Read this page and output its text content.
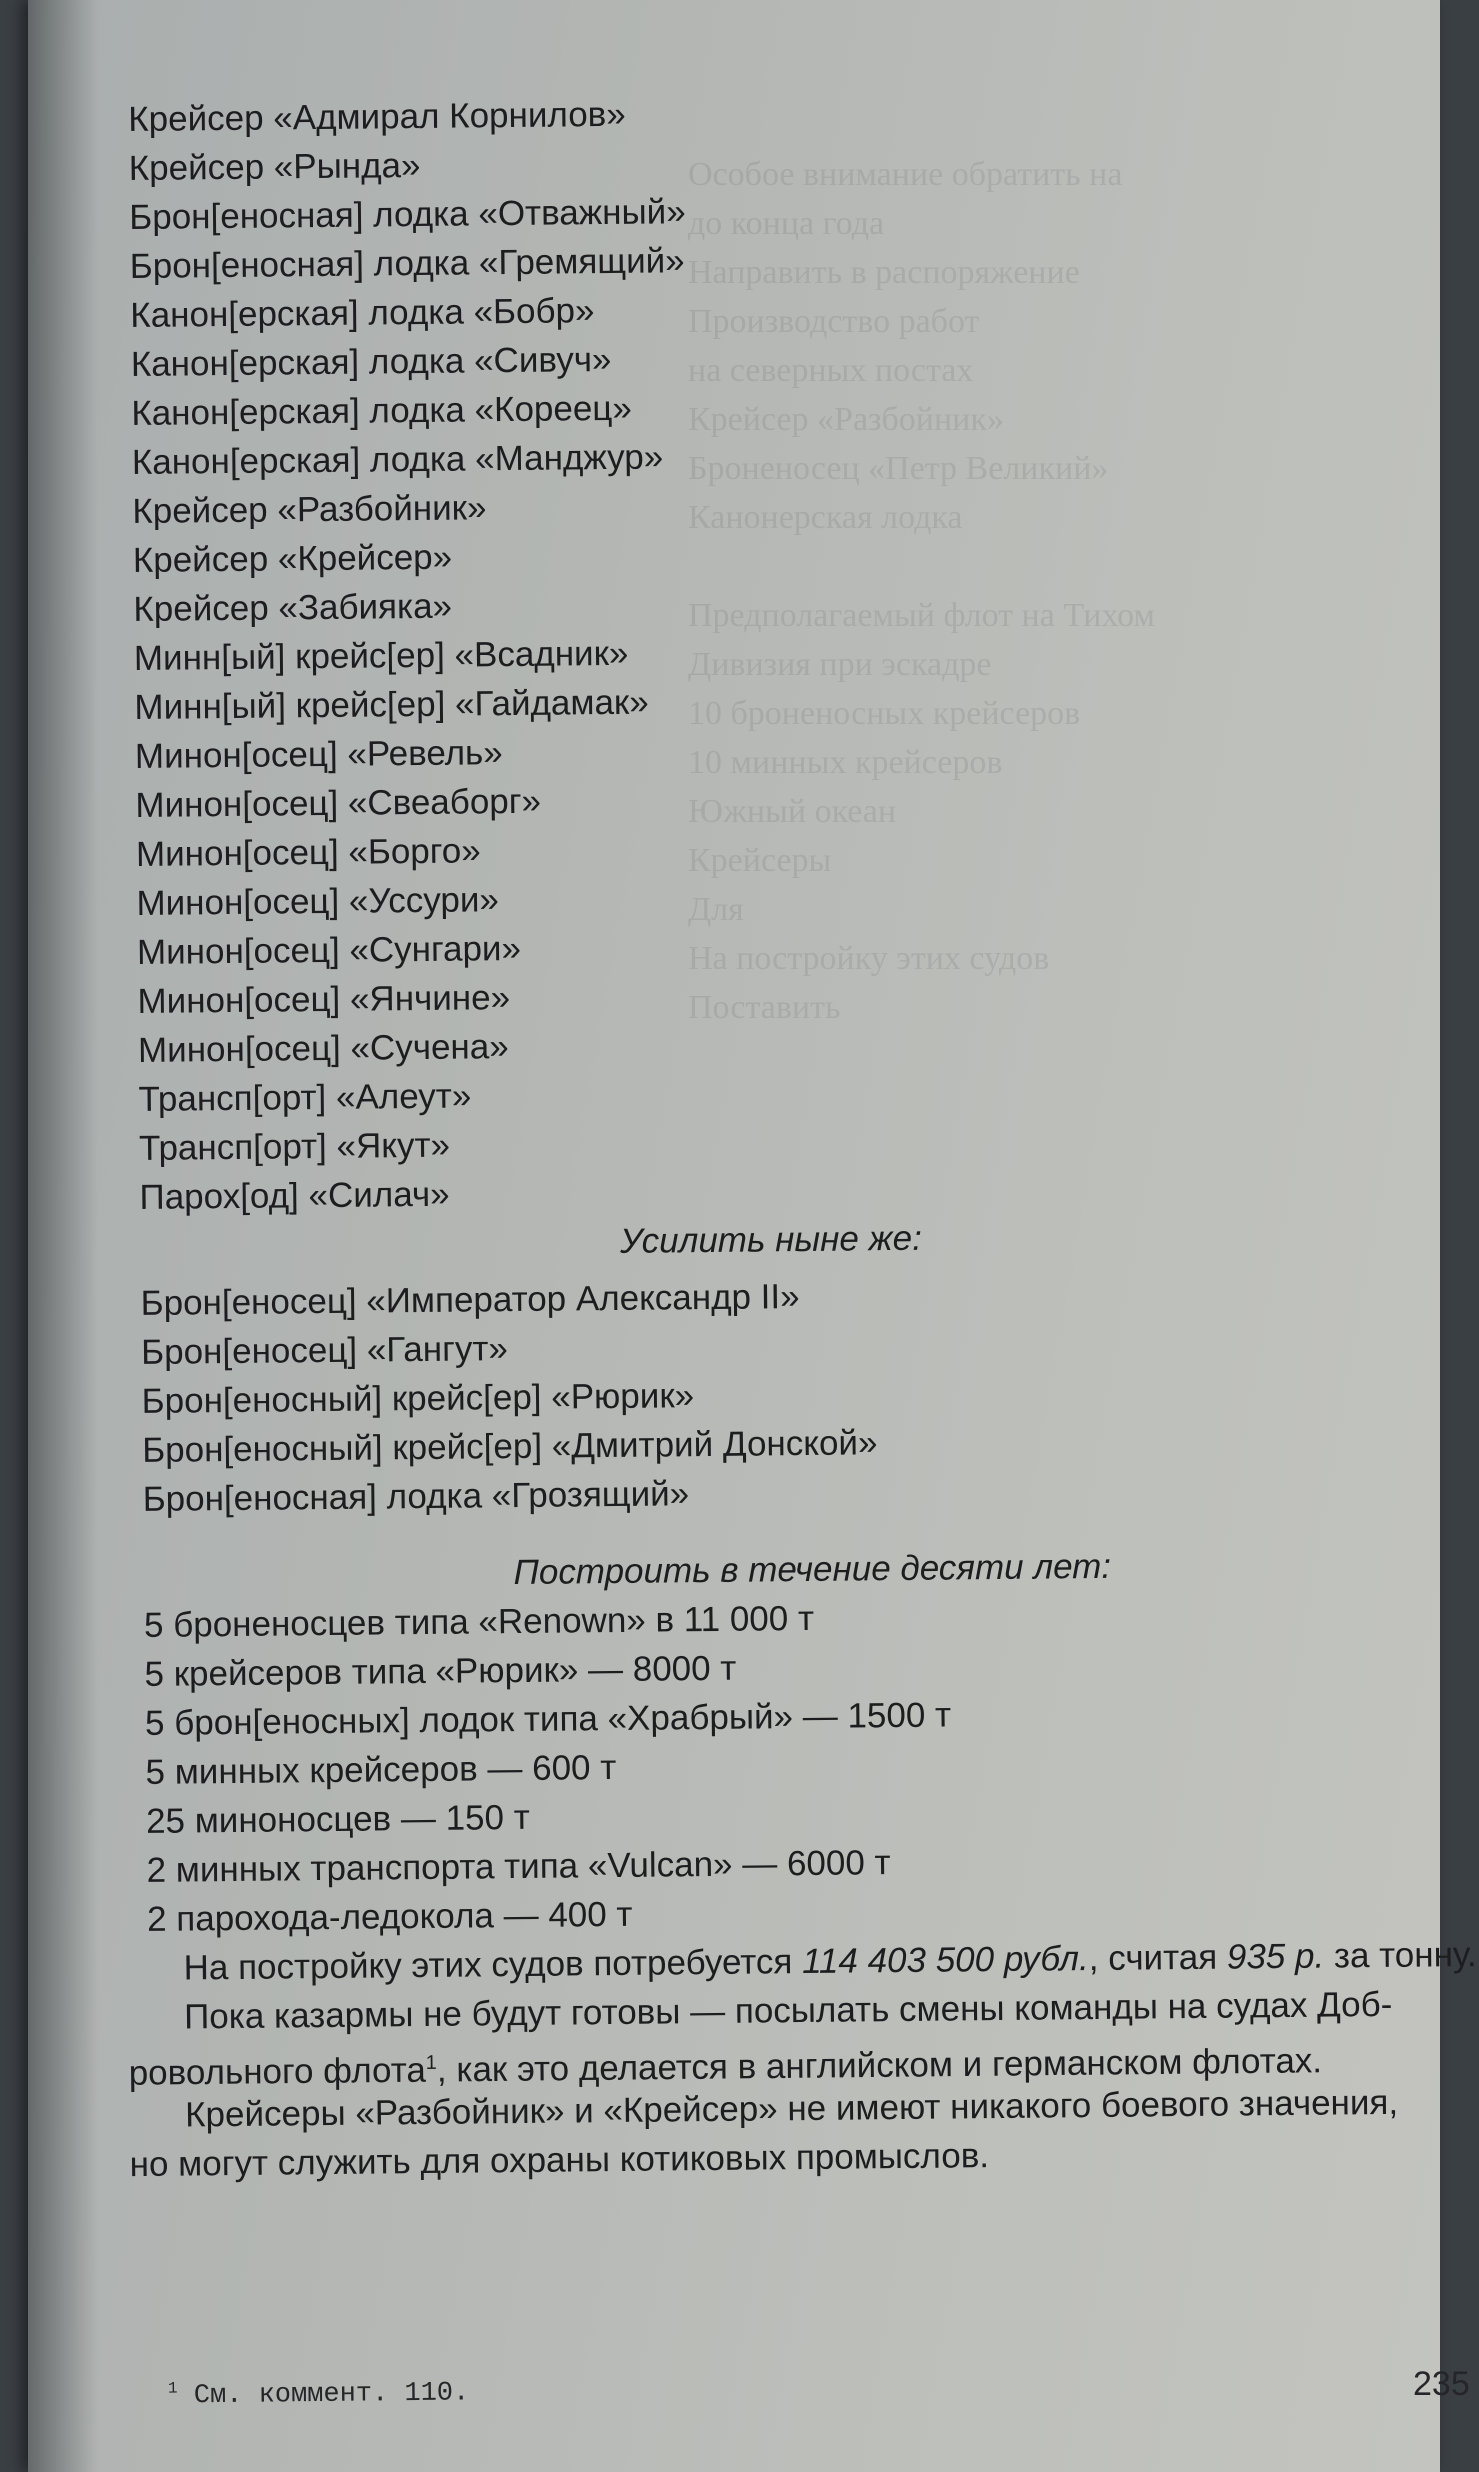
Особое внимание обратить на
до конца года
Направить в распоряжение
Производство работ
на северных постах
Крейсер «Разбойник»
Броненосец «Петр Великий»
Канонерская лодка

Предполагаемый флот на Тихом
Дивизия при эскадре
10 броненосных крейсеров
10 минных крейсеров
Южный океан
Крейсеры
Для
На постройку этих судов
Поставить
Крейсер «Адмирал Корнилов»
Крейсер «Рында»
Брон[еносная] лодка «Отважный»
Брон[еносная] лодка «Гремящий»
Канон[ерская] лодка «Бобр»
Канон[ерская] лодка «Сивуч»
Канон[ерская] лодка «Кореец»
Канон[ерская] лодка «Манджур»
Крейсер «Разбойник»
Крейсер «Крейсер»
Крейсер «Забияка»
Минн[ый] крейс[ер] «Всадник»
Минн[ый] крейс[ер] «Гайдамак»
Минон[осец] «Ревель»
Минон[осец] «Свеаборг»
Минон[осец] «Борго»
Минон[осец] «Уссури»
Минон[осец] «Сунгари»
Минон[осец] «Янчине»
Минон[осец] «Сучена»
Трансп[орт] «Алеут»
Трансп[орт] «Якут»
Парох[од] «Силач»
Усилить ныне же:
Брон[еносец] «Император Александр II»
Брон[еносец] «Гангут»
Брон[еносный] крейс[ер] «Рюрик»
Брон[еносный] крейс[ер] «Дмитрий Донской»
Брон[еносная] лодка «Грозящий»
Построить в течение десяти лет:
5 броненосцев типа «Renown» в 11 000 т
5 крейсеров типа «Рюрик» — 8000 т
5 брон[еносных] лодок типа «Храбрый» — 1500 т
5 минных крейсеров — 600 т
25 миноносцев — 150 т
2 минных транспорта типа «Vulcan» — 6000 т
2 парохода-ледокола — 400 т
На постройку этих судов потребуется 114 403 500 рубл., считая 935 р. за тонну.
Пока казармы не будут готовы — посылать смены команды на судах Доб-
ровольного флота$^1$, как это делается в английском и германском флотах.
Крейсеры «Разбойник» и «Крейсер» не имеют никакого боевого значения,
но могут служить для охраны котиковых промыслов.
$^1$ См. коммент. 110.	235
